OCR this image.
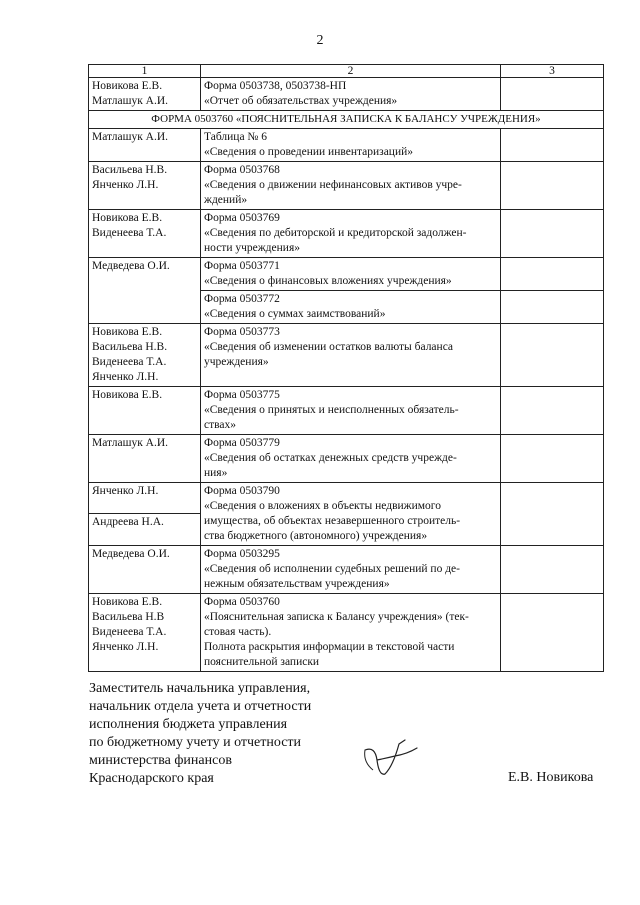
2
1	2	3

Новикова Е.В.
Матлашук А.И.	Форма 0503738, 0503738-НП
«Отчет об обязательствах учреждения»	

ФОРМА 0503760 «ПОЯСНИТЕЛЬНАЯ ЗАПИСКА К БАЛАНСУ УЧРЕЖДЕНИЯ»		

Матлашук А.И.	Таблица № 6
«Сведения о проведении инвентаризаций»	

Васильева Н.В.
Янченко Л.Н.	Форма 0503768
«Сведения о движении нефинансовых активов учре-
ждений»	

Новикова Е.В.
Виденеева Т.А.	Форма 0503769
«Сведения по дебиторской и кредиторской задолжен-
ности учреждения»	

Медведева О.И.	Форма 0503771
«Сведения о финансовых вложениях учреждения»	

	Форма 0503772
«Сведения о суммах заимствований»	

Новикова Е.В.
Васильева Н.В.
Виденеева Т.А.
Янченко Л.Н.	Форма 0503773
«Сведения об изменении остатков валюты баланса
учреждения»	

Новикова Е.В.	Форма 0503775
«Сведения о принятых и неисполненных обязатель-
ствах»	

Матлашук А.И.	Форма 0503779
«Сведения об остатках денежных средств учрежде-
ния»	

Янченко Л.Н.
Андреева Н.А.	Форма 0503790
«Сведения о вложениях в объекты недвижимого
имущества, об объектах незавершенного строитель-
ства бюджетного (автономного) учреждения»	

Медведева О.И.	Форма 0503295
«Сведения об исполнении судебных решений по де-
нежным обязательствам учреждения»	

Новикова Е.В.
Васильева Н.В
Виденеева Т.А.
Янченко Л.Н.	Форма 0503760
«Пояснительная записка к Балансу учреждения» (тек-
стовая часть).
Полнота раскрытия информации в текстовой части
пояснительной записки	

Заместитель начальника управления,
начальник отдела учета и отчетности
исполнения бюджета управления
по бюджетному учету и отчетности
министерства финансов
Краснодарского края	Е.В. Новикова
